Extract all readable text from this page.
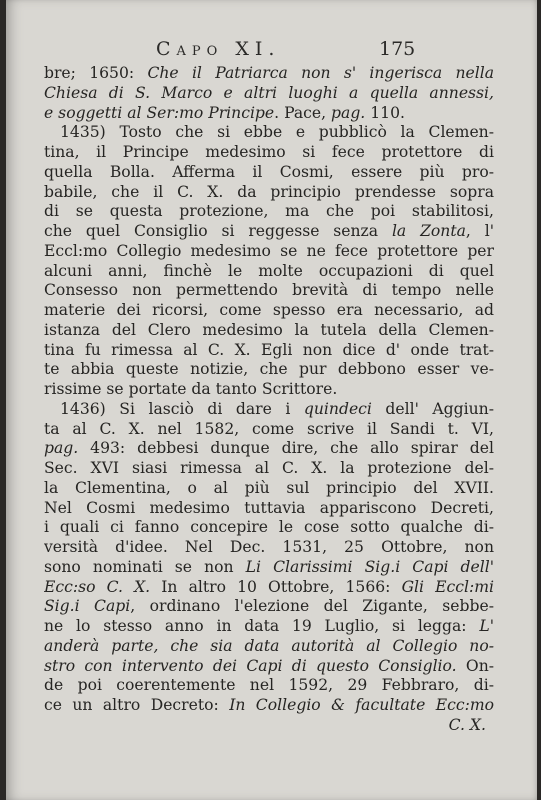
Capo XI.	175
bre; 1650: Che il Patriarca non s' ingerisca nella
Chiesa di S. Marco e altri luoghi a quella annessi,
e soggetti al Ser:mo Principe. Pace, pag. 110.
1435) Tosto che si ebbe e pubblicò la Clemen-
tina, il Principe medesimo si fece protettore di
quella Bolla. Afferma il Cosmi, essere più pro-
babile, che il C. X. da principio prendesse sopra
di se questa protezione, ma che poi stabilitosi,
che quel Consiglio si reggesse senza la Zonta, l'
Eccl:mo Collegio medesimo se ne fece protettore per
alcuni anni, finchè le molte occupazioni di quel
Consesso non permettendo brevità di tempo nelle
materie dei ricorsi, come spesso era necessario, ad
istanza del Clero medesimo la tutela della Clemen-
tina fu rimessa al C. X. Egli non dice d' onde trat-
te abbia queste notizie, che pur debbono esser ve-
rissime se portate da tanto Scrittore.
1436) Si lasciò di dare i quindeci dell' Aggiun-
ta al C. X. nel 1582, come scrive il Sandi t. VI,
pag. 493: debbesi dunque dire, che allo spirar del
Sec. XVI siasi rimessa al C. X. la protezione del-
la Clementina, o al più sul principio del XVII.
Nel Cosmi medesimo tuttavia appariscono Decreti,
i quali ci fanno concepire le cose sotto qualche di-
versità d'idee. Nel Dec. 1531, 25 Ottobre, non
sono nominati se non Li Clarissimi Sig.i Capi dell'
Ecc:so C. X. In altro 10 Ottobre, 1566: Gli Eccl:mi
Sig.i Capi, ordinano l'elezione del Zigante, sebbe-
ne lo stesso anno in data 19 Luglio, si legga: L'
anderà parte, che sia data autorità al Collegio no-
stro con intervento dei Capi di questo Consiglio. On-
de poi coerentemente nel 1592, 29 Febbraro, di-
ce un altro Decreto: In Collegio & facultate Ecc:mo
C. X.
